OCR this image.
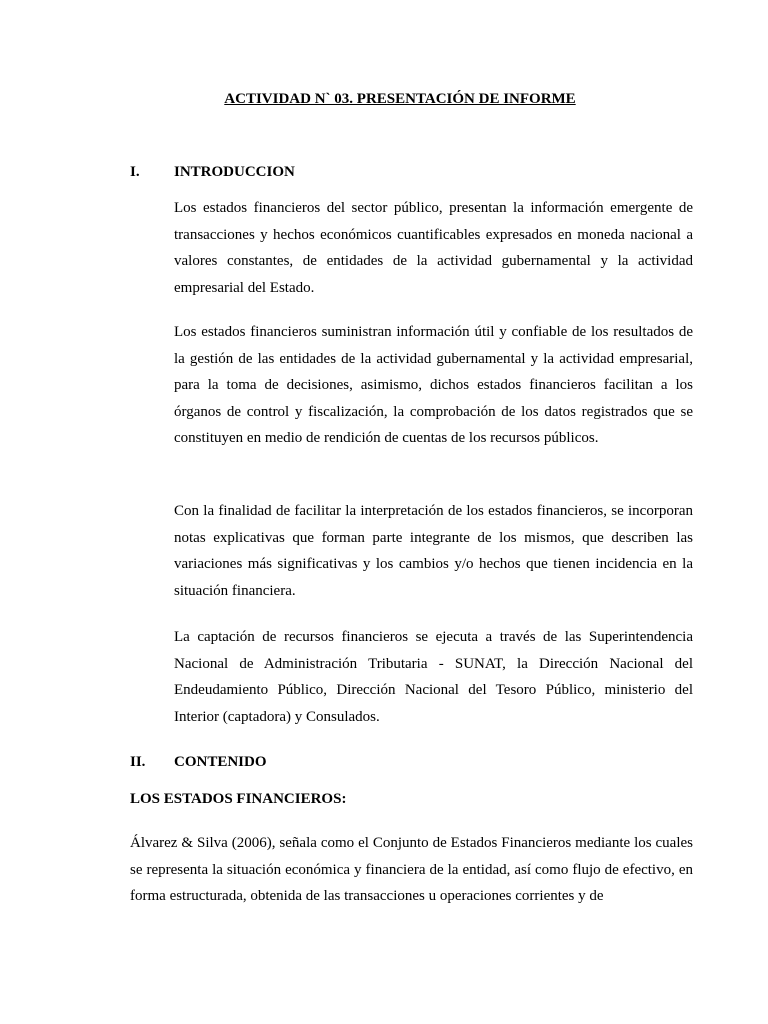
ACTIVIDAD N` 03. PRESENTACIÓN DE INFORME
I. INTRODUCCION

Los estados financieros del sector público, presentan la información emergente de transacciones y hechos económicos cuantificables expresados en moneda nacional a valores constantes, de entidades de la actividad gubernamental y la actividad empresarial del Estado.

Los estados financieros suministran información útil y confiable de los resultados de la gestión de las entidades de la actividad gubernamental y la actividad empresarial, para la toma de decisiones, asimismo, dichos estados financieros facilitan a los órganos de control y fiscalización, la comprobación de los datos registrados que se constituyen en medio de rendición de cuentas de los recursos públicos.

Con la finalidad de facilitar la interpretación de los estados financieros, se incorporan notas explicativas que forman parte integrante de los mismos, que describen las variaciones más significativas y los cambios y/o hechos que tienen incidencia en la situación financiera.

La captación de recursos financieros se ejecuta a través de las Superintendencia Nacional de Administración Tributaria - SUNAT, la Dirección Nacional del Endeudamiento Público, Dirección Nacional del Tesoro Público, ministerio del Interior (captadora) y Consulados.

II. CONTENIDO
LOS ESTADOS FINANCIEROS:

Álvarez & Silva (2006), señala como el Conjunto de Estados Financieros mediante los cuales se representa la situación económica y financiera de la entidad, así como flujo de efectivo, en forma estructurada, obtenida de las transacciones u operaciones corrientes y de
